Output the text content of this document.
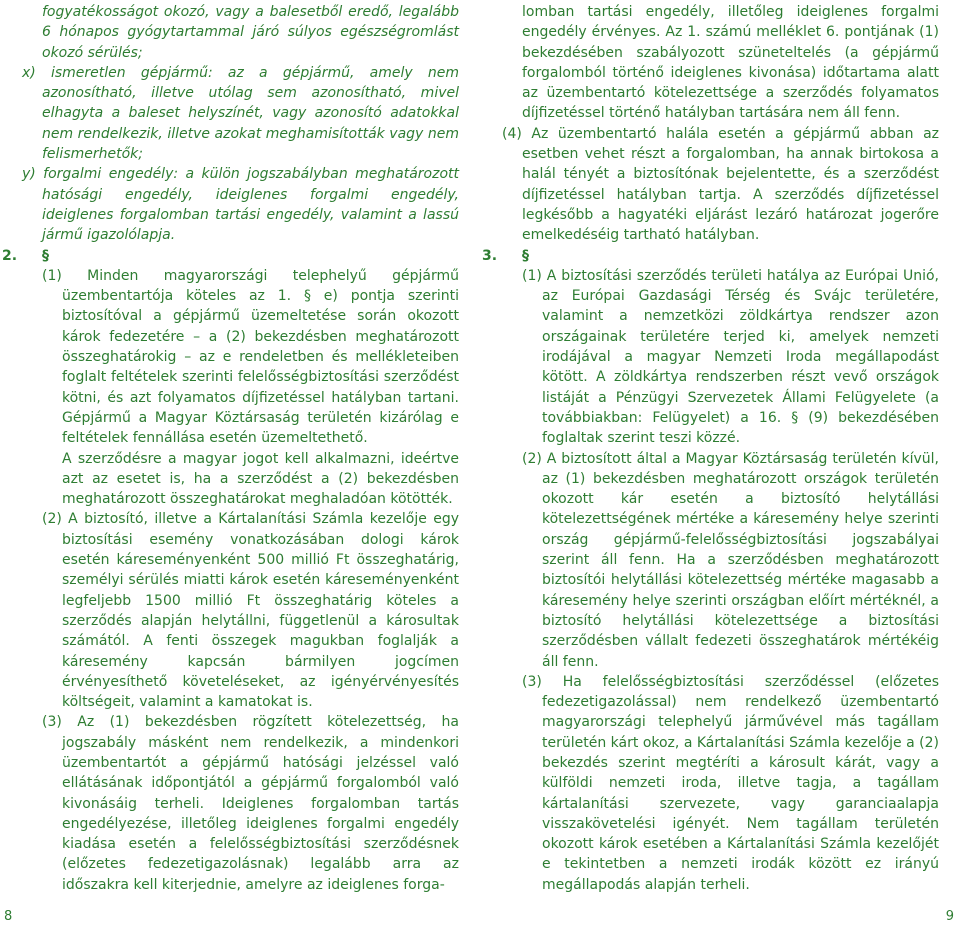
fogyatékosságot okozó, vagy a balesetből eredő, legalább 6 hónapos gyógytartammal járó súlyos egészségromlást okozó sérülés;
x) ismeretlen gépjármű: az a gépjármű, amely nem azonosítható, illetve utólag sem azonosítható, mivel elhagyta a baleset helyszínét, vagy azonosító adatokkal nem rendelkezik, illetve azokat meghamisították vagy nem felismerhetők;
y) forgalmi engedély: a külön jogszabályban meghatározott hatósági engedély, ideiglenes forgalmi engedély, ideiglenes forgalomban tartási engedély, valamint a lassú jármű igazolólapja.
2. §
(1) Minden magyarországi telephelyű gépjármű üzembentartója köteles az 1. § e) pontja szerinti biztosítóval a gépjármű üzemeltetése során okozott károk fedezetére – a (2) bekezdésben meghatározott összeghatárokig – az e rendeletben és mellékleteiben foglalt feltételek szerinti felelősségbiztosítási szerződést kötni, és azt folyamatos díjfizetéssel hatályban tartani. Gépjármű a Magyar Köztársaság területén kizárólag e feltételek fennállása esetén üzemeltethető.
A szerződésre a magyar jogot kell alkalmazni, ideértve azt az esetet is, ha a szerződést a (2) bekezdésben meghatározott összeghatárokat meghaladóan kötötték.
(2) A biztosító, illetve a Kártalanítási Számla kezelője egy biztosítási esemény vonatkozásában dologi károk esetén káreseményenként 500 millió Ft összeghatárig, személyi sérülés miatti károk esetén káreseményenként legfeljebb 1500 millió Ft összeghatárig köteles a szerződés alapján helytállni, függetlenül a károsultak számától. A fenti összegek magukban foglalják a káresemény kapcsán bármilyen jogcímen érvényesíthető követeléseket, az igényérvényesítés költségeit, valamint a kamatokat is.
(3) Az (1) bekezdésben rögzített kötelezettség, ha jogszabály másként nem rendelkezik, a mindenkori üzembentartót a gépjármű hatósági jelzéssel való ellátásának időpontjától a gépjármű forgalomból való kivonásáig terheli. Ideiglenes forgalomban tartás engedélyezése, illetőleg ideiglenes forgalmi engedély kiadása esetén a felelősségbiztosítási szerződésnek (előzetes fedezetigazolásnak) legalább arra az időszakra kell kiterjednie, amelyre az ideiglenes forga-
lomban tartási engedély, illetőleg ideiglenes forgalmi engedély érvényes. Az 1. számú melléklet 6. pontjának (1) bekezdésében szabályozott szüneteltelés (a gépjármű forgalomból történő ideiglenes kivonása) időtartama alatt az üzembentartó kötelezettsége a szerződés folyamatos díjfizetéssel történő hatályban tartására nem áll fenn.
(4) Az üzembentartó halála esetén a gépjármű abban az esetben vehet részt a forgalomban, ha annak birtokosa a halál tényét a biztosítónak bejelentette, és a szerződést díjfizetéssel hatályban tartja. A szerződés díjfizetéssel legkésőbb a hagyatéki eljárást lezáró határozat jogerőre emelkedéséig tartható hatályban.
3. §
(1) A biztosítási szerződés területi hatálya az Európai Unió, az Európai Gazdasági Térség és Svájc területére, valamint a nemzetközi zöldkártya rendszer azon országainak területére terjed ki, amelyek nemzeti irodájával a magyar Nemzeti Iroda megállapodást kötött. A zöldkártya rendszerben részt vevő országok listáját a Pénzügyi Szervezetek Állami Felügyelete (a továbbiakban: Felügyelet) a 16. § (9) bekezdésében foglaltak szerint teszi közzé.
(2) A biztosított által a Magyar Köztársaság területén kívül, az (1) bekezdésben meghatározott országok területén okozott kár esetén a biztosító helytállási kötelezettségének mértéke a káresemény helye szerinti ország gépjármű-felelősségbiztosítási jogszabályai szerint áll fenn. Ha a szerződésben meghatározott biztosítói helytállási kötelezettség mértéke magasabb a káresemény helye szerinti országban előírt mértéknél, a biztosító helytállási kötelezettsége a biztosítási szerződésben vállalt fedezeti összeghatárok mértékéig áll fenn.
(3) Ha felelősségbiztosítási szerződéssel (előzetes fedezetigazolással) nem rendelkező üzembentartó magyarországi telephelyű járművével más tagállam területén kárt okoz, a Kártalanítási Számla kezelője a (2) bekezdés szerint megtéríti a károsult kárát, vagy a külföldi nemzeti iroda, illetve tagja, a tagállam kártalanítási szervezete, vagy garanciaalapja visszakövetelési igényét. Nem tagállam területén okozott károk esetében a Kártalanítási Számla kezelőjét e tekintetben a nemzeti irodák között ez irányú megállapodás alapján terheli.
8	9
